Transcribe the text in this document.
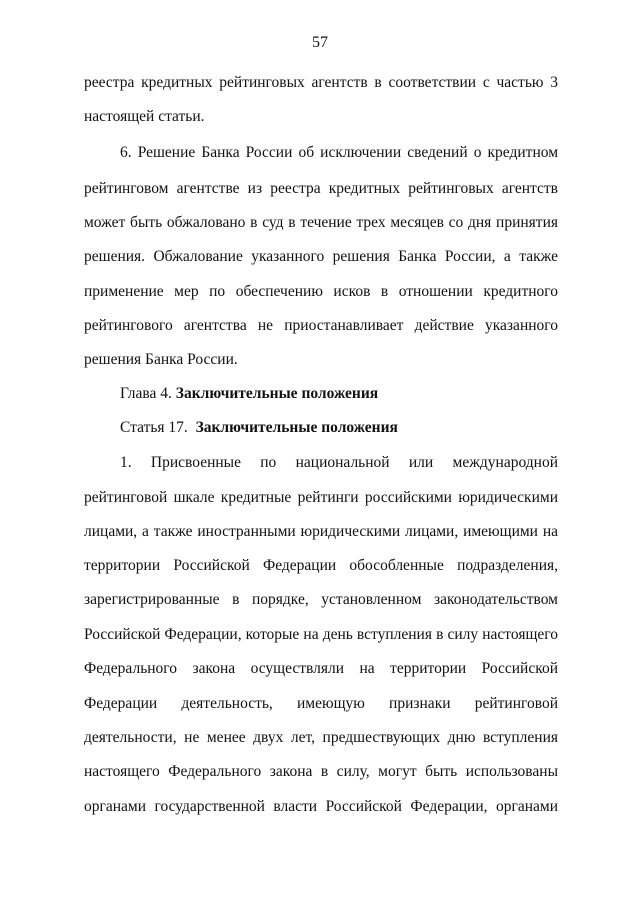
57
реестра кредитных рейтинговых агентств в соответствии с частью 3
настоящей статьи.
6. Решение Банка России об исключении сведений о кредитном
рейтинговом агентстве из реестра кредитных рейтинговых агентств
может быть обжаловано в суд в течение трех месяцев со дня принятия
решения. Обжалование указанного решения Банка России, а также
применение мер по обеспечению исков в отношении кредитного
рейтингового агентства не приостанавливает действие указанного
решения Банка России.
Глава 4. Заключительные положения
Статья 17.  Заключительные положения
1. Присвоенные по национальной или международной
рейтинговой шкале кредитные рейтинги российскими юридическими
лицами, а также иностранными юридическими лицами, имеющими на
территории Российской Федерации обособленные подразделения,
зарегистрированные в порядке, установленном законодательством
Российской Федерации, которые на день вступления в силу настоящего
Федерального закона осуществляли на территории Российской
Федерации деятельность, имеющую признаки рейтинговой
деятельности, не менее двух лет, предшествующих дню вступления
настоящего Федерального закона в силу, могут быть использованы
органами государственной власти Российской Федерации, органами
